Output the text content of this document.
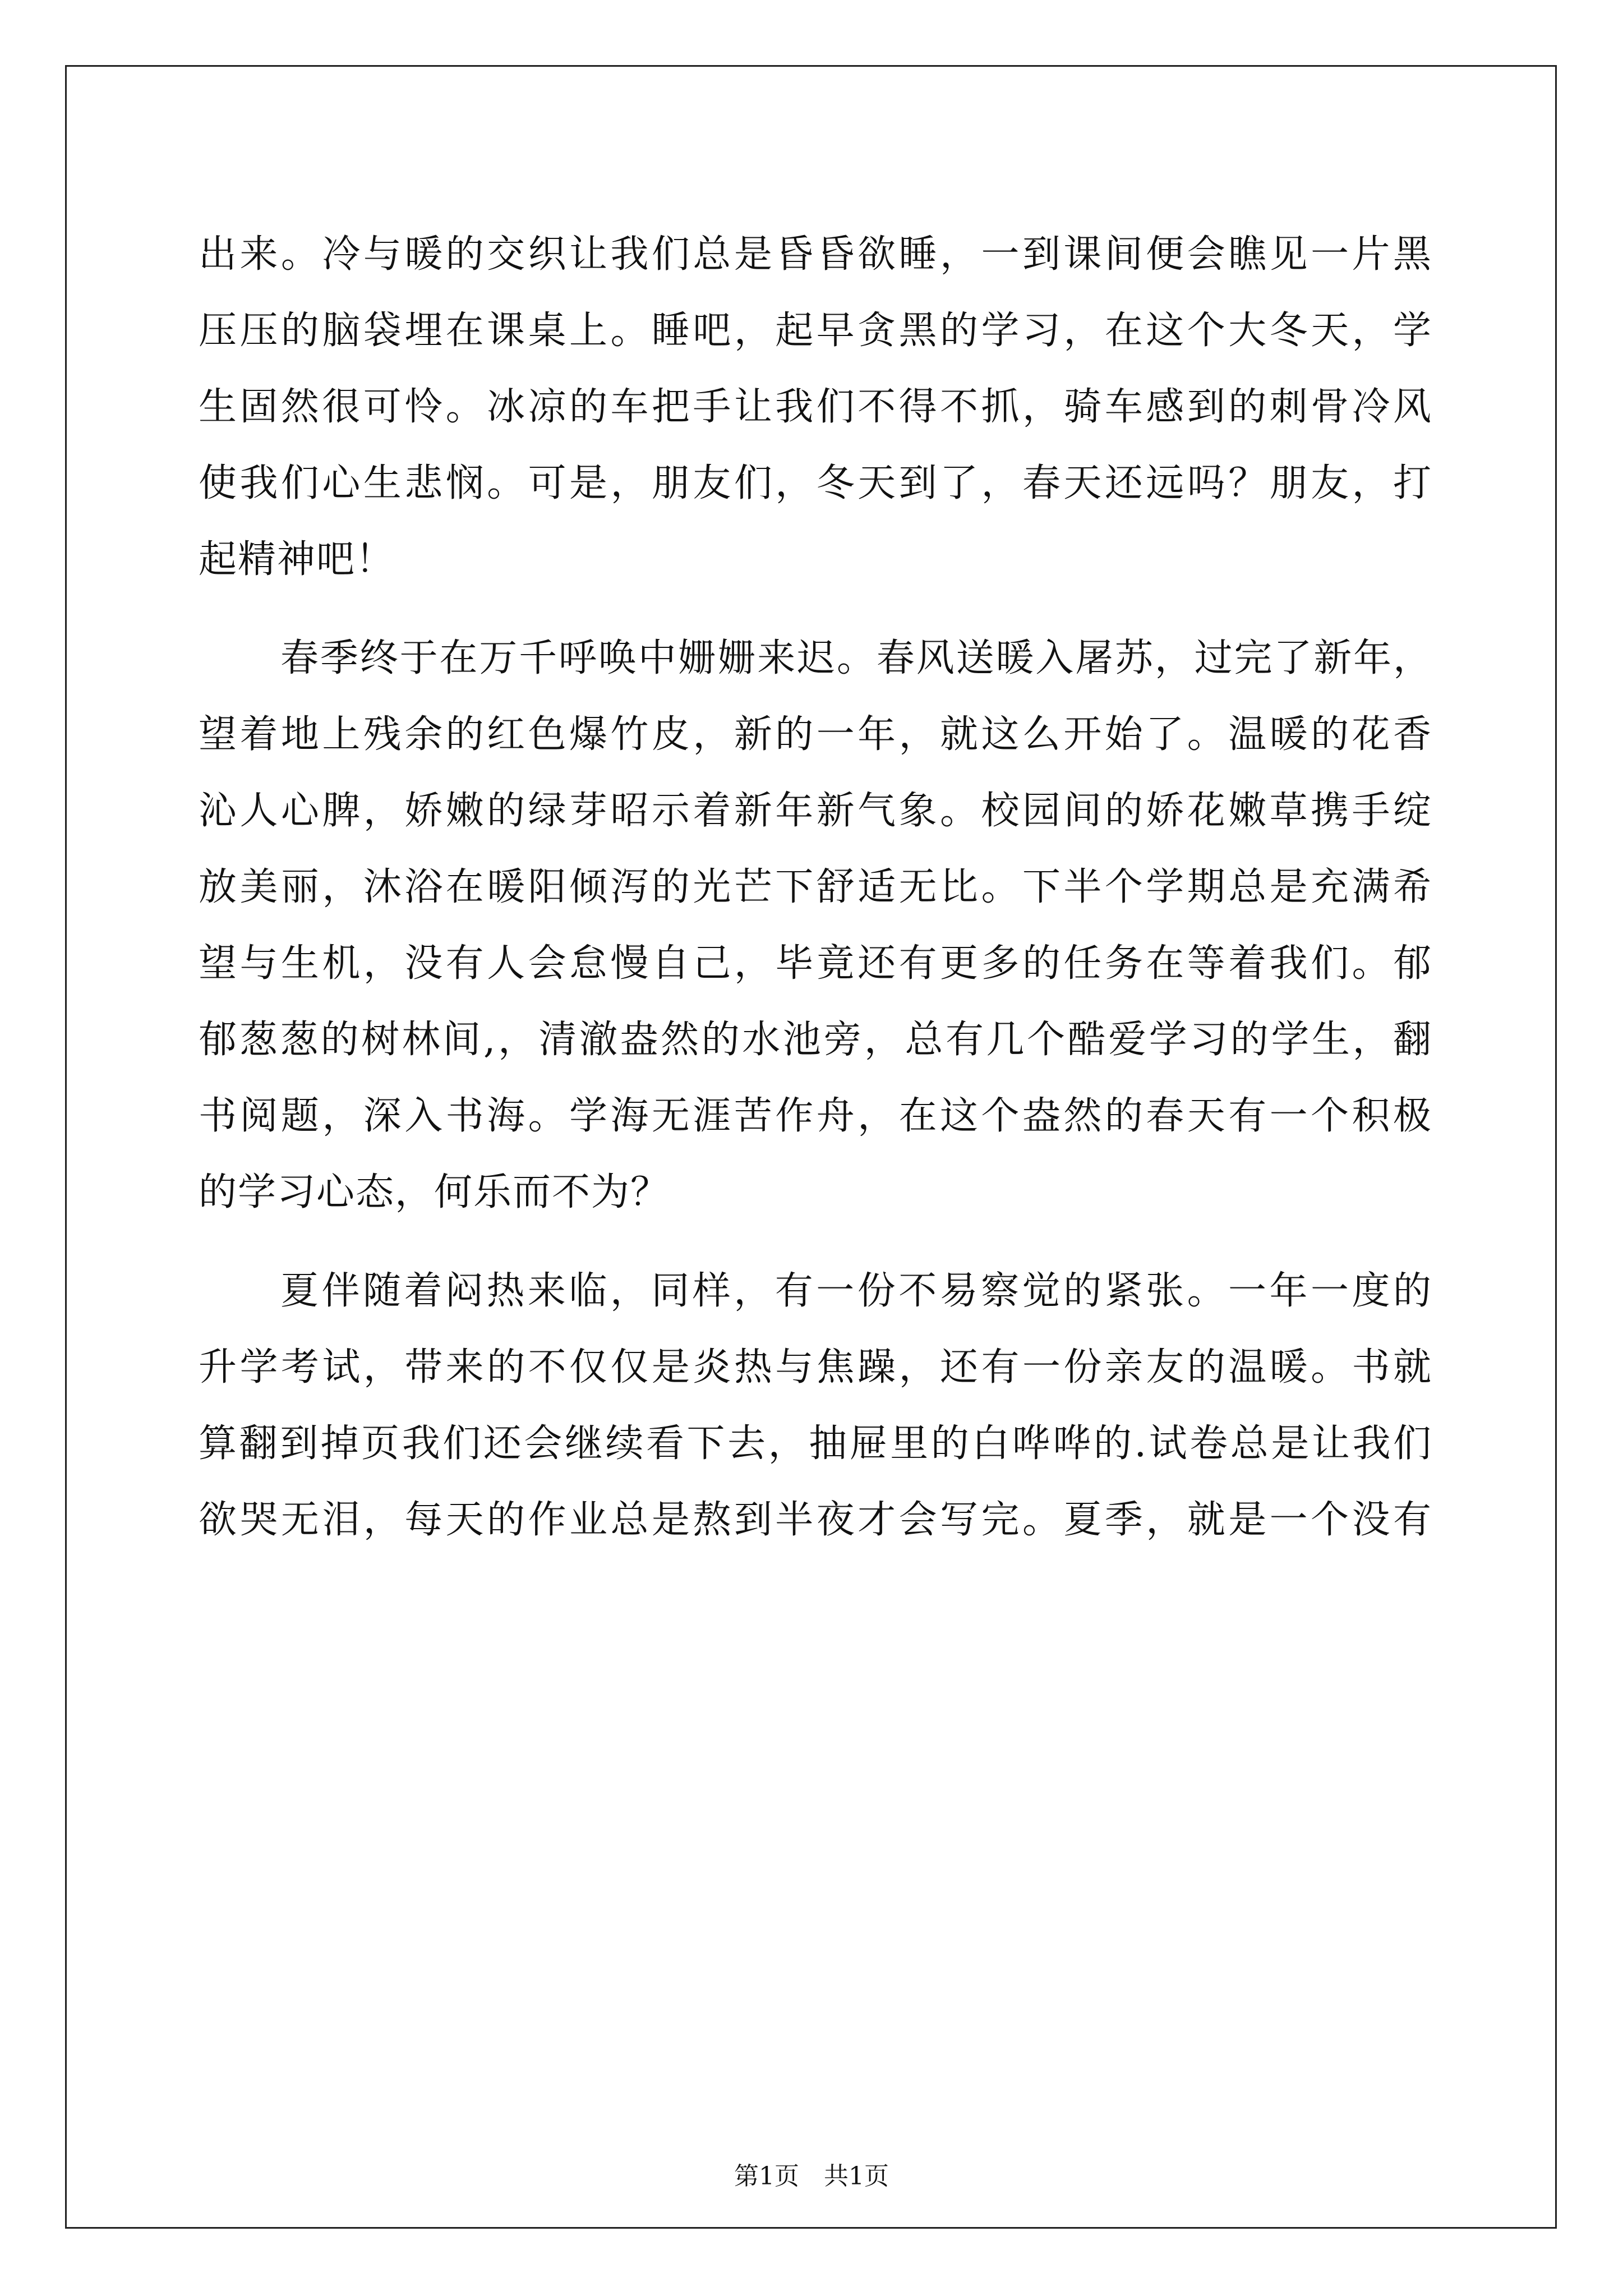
出来。冷与暖的交织让我们总是昏昏欲睡，一到课间便会瞧见一片黑
压压的脑袋埋在课桌上。睡吧，起早贪黑的学习，在这个大冬天，学
生固然很可怜。冰凉的车把手让我们不得不抓，骑车感到的刺骨冷风
使我们心生悲悯。可是，朋友们，冬天到了，春天还远吗？朋友，打
起精神吧！
春季终于在万千呼唤中姗姗来迟。春风送暖入屠苏，过完了新年，
望着地上残余的红色爆竹皮，新的一年，就这么开始了。温暖的花香
沁人心脾，娇嫩的绿芽昭示着新年新气象。校园间的娇花嫩草携手绽
放美丽，沐浴在暖阳倾泻的光芒下舒适无比。下半个学期总是充满希
望与生机，没有人会怠慢自己，毕竟还有更多的任务在等着我们。郁
郁葱葱的树林间,，清澈盎然的水池旁，总有几个酷爱学习的学生，翻
书阅题，深入书海。学海无涯苦作舟，在这个盎然的春天有一个积极
的学习心态，何乐而不为？
夏伴随着闷热来临，同样，有一份不易察觉的紧张。一年一度的
升学考试，带来的不仅仅是炎热与焦躁，还有一份亲友的温暖。书就
算翻到掉页我们还会继续看下去，抽屉里的白哗哗的.试卷总是让我们
欲哭无泪，每天的作业总是熬到半夜才会写完。夏季，就是一个没有
第1页　共1页
